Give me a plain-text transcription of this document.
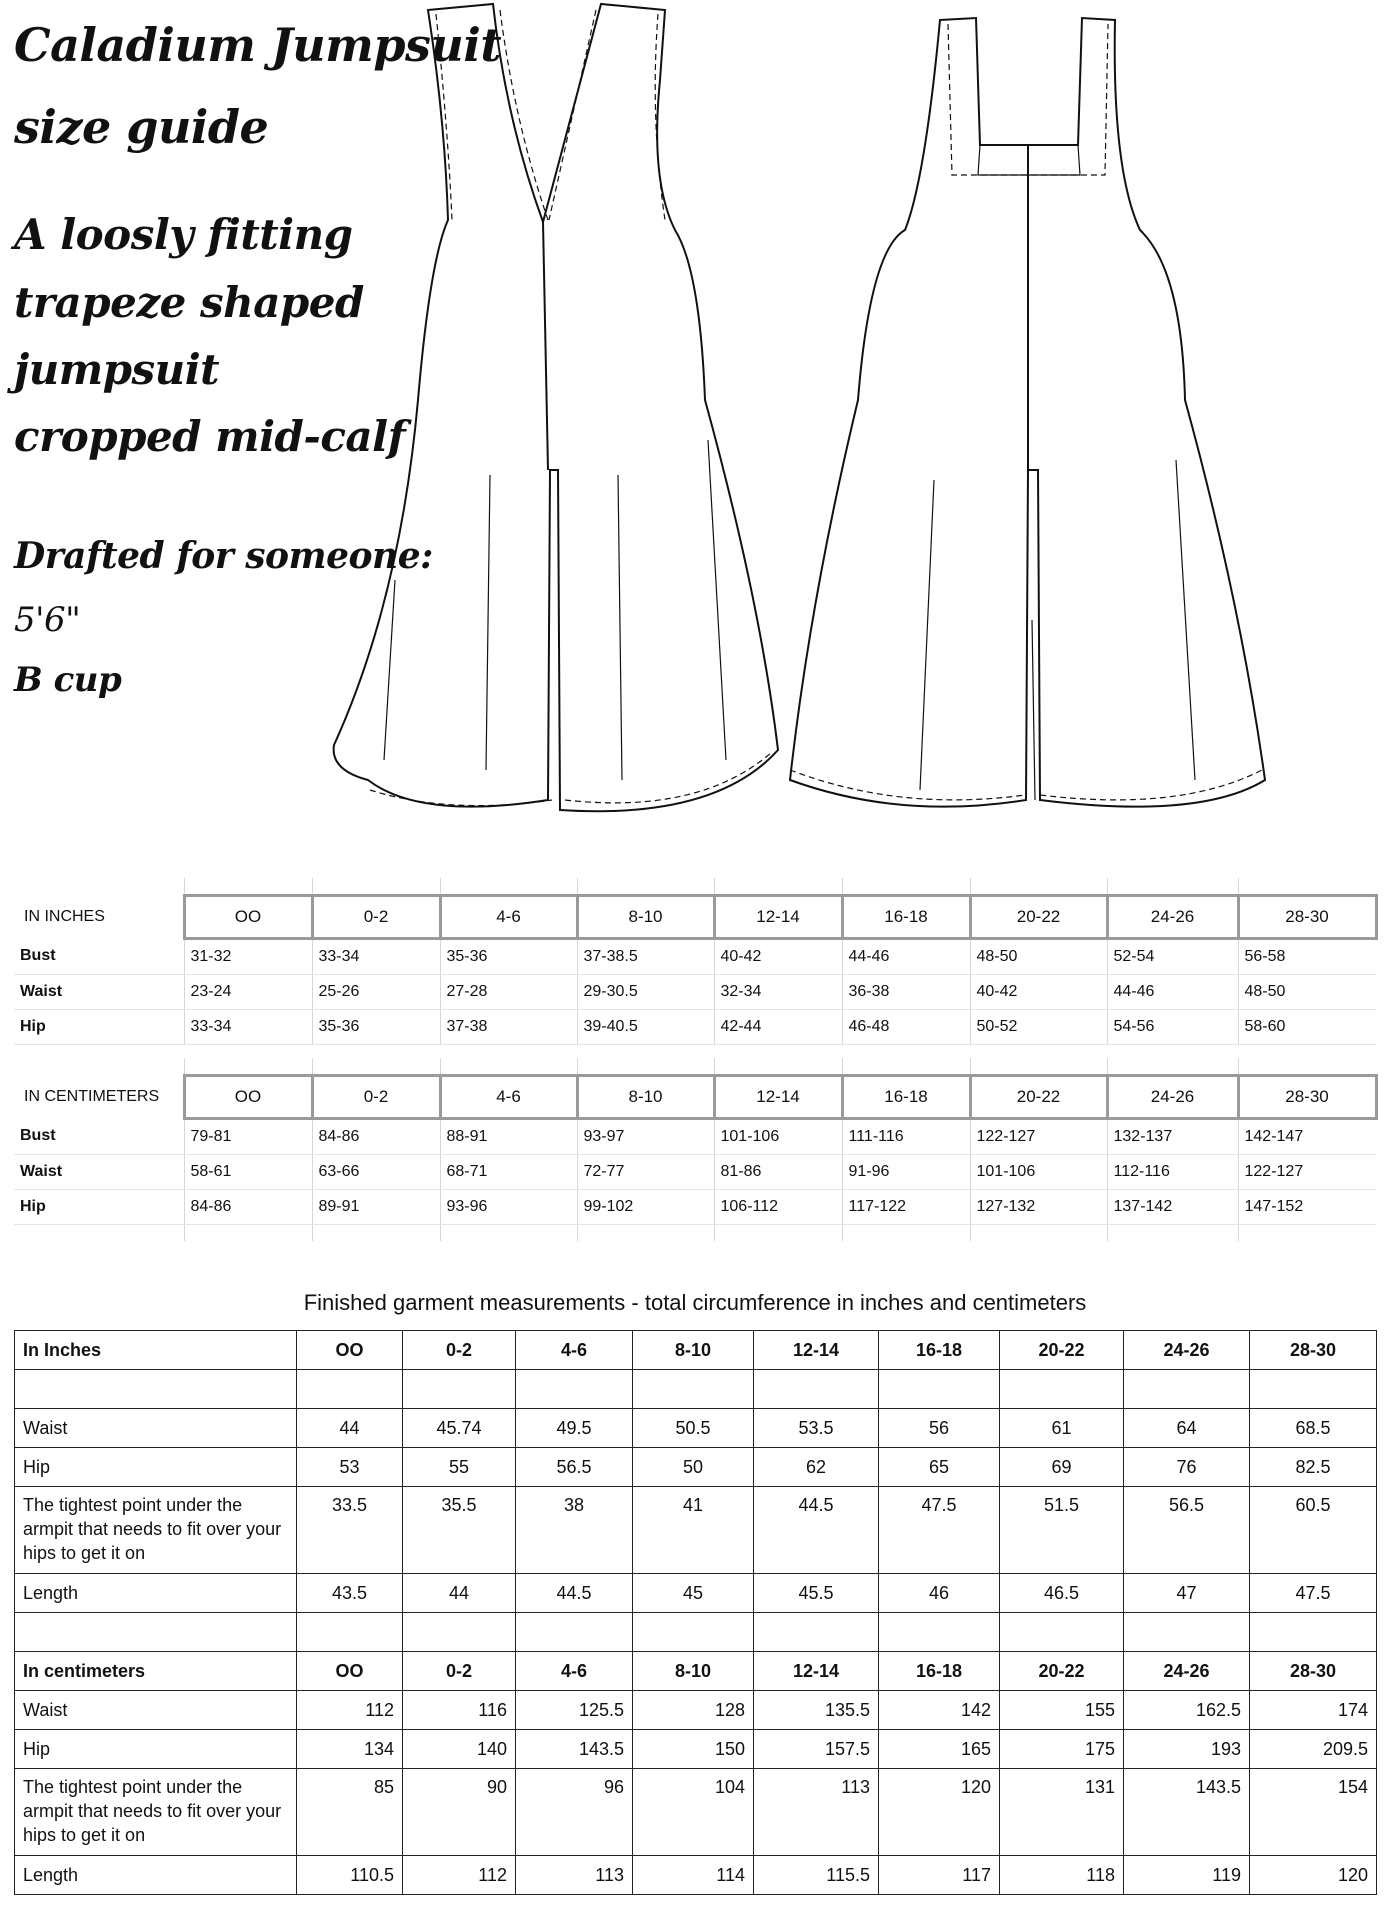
Caladium Jumpsuit
size guide
A loosly fitting
trapeze shaped
jumpsuit
cropped mid-calf
Drafted for someone:
5'6"
B cup

IN INCHES	OO	0-2	4-6	8-10	12-14	16-18	20-22	24-26	28-30
Bust	31-32	33-34	35-36	37-38.5	40-42	44-46	48-50	52-54	56-58
Waist	23-24	25-26	27-28	29-30.5	32-34	36-38	40-42	44-46	48-50
Hip	33-34	35-36	37-38	39-40.5	42-44	46-48	50-52	54-56	58-60

IN CENTIMETERS	OO	0-2	4-6	8-10	12-14	16-18	20-22	24-26	28-30
Bust	79-81	84-86	88-91	93-97	101-106	111-116	122-127	132-137	142-147
Waist	58-61	63-66	68-71	72-77	81-86	91-96	101-106	112-116	122-127
Hip	84-86	89-91	93-96	99-102	106-112	117-122	127-132	137-142	147-152

Finished garment measurements - total circumference in inches and centimeters
In Inches	OO	0-2	4-6	8-10	12-14	16-18	20-22	24-26	28-30

Waist	44	45.74	49.5	50.5	53.5	56	61	64	68.5
Hip	53	55	56.5	50	62	65	69	76	82.5
The tightest point under the armpit that needs to fit over your hips to get it on	33.5	35.5	38	41	44.5	47.5	51.5	56.5	60.5
Length	43.5	44	44.5	45	45.5	46	46.5	47	47.5

In centimeters	OO	0-2	4-6	8-10	12-14	16-18	20-22	24-26	28-30
Waist	112	116	125.5	128	135.5	142	155	162.5	174
Hip	134	140	143.5	150	157.5	165	175	193	209.5
The tightest point under the armpit that needs to fit over your hips to get it on	85	90	96	104	113	120	131	143.5	154
Length	110.5	112	113	114	115.5	117	118	119	120
